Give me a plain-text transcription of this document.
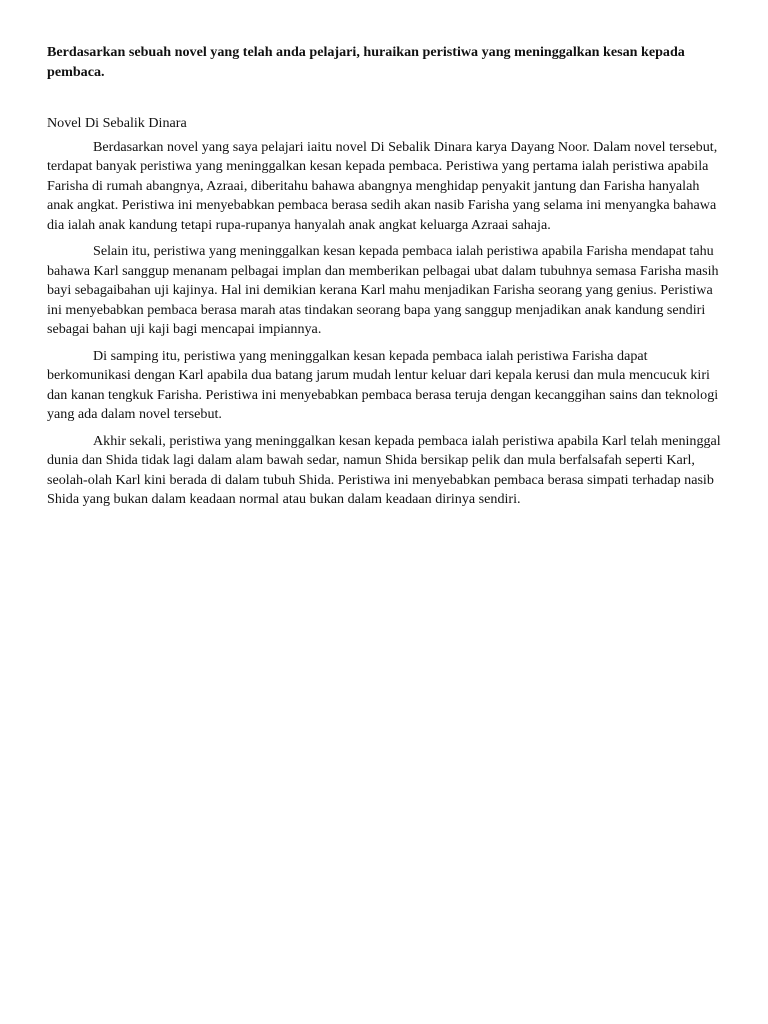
Berdasarkan sebuah novel yang telah anda pelajari, huraikan peristiwa yang meninggalkan kesan kepada pembaca.

Novel Di Sebalik Dinara

Berdasarkan novel yang saya pelajari iaitu novel Di Sebalik Dinara karya Dayang Noor. Dalam novel tersebut, terdapat banyak peristiwa yang meninggalkan kesan kepada pembaca. Peristiwa yang pertama ialah peristiwa apabila Farisha di rumah abangnya, Azraai, diberitahu bahawa abangnya menghidap penyakit jantung dan Farisha hanyalah anak angkat. Peristiwa ini menyebabkan pembaca berasa sedih akan nasib Farisha yang selama ini menyangka bahawa dia ialah anak kandung tetapi rupa-rupanya hanyalah anak angkat keluarga Azraai sahaja.

Selain itu, peristiwa yang meninggalkan kesan kepada pembaca ialah peristiwa apabila Farisha mendapat tahu bahawa Karl sanggup menanam pelbagai implan dan memberikan pelbagai ubat dalam tubuhnya semasa Farisha masih bayi sebagaibahan uji kajinya. Hal ini demikian kerana Karl mahu menjadikan Farisha seorang yang genius. Peristiwa ini menyebabkan pembaca berasa marah atas tindakan seorang bapa yang sanggup menjadikan anak kandung sendiri sebagai bahan uji kaji bagi mencapai impiannya.

Di samping itu, peristiwa yang meninggalkan kesan kepada pembaca ialah peristiwa Farisha dapat berkomunikasi dengan Karl apabila dua batang jarum mudah lentur keluar dari kepala kerusi dan mula mencucuk kiri dan kanan tengkuk Farisha. Peristiwa ini menyebabkan pembaca berasa teruja dengan kecanggihan sains dan teknologi yang ada dalam novel tersebut.

Akhir sekali, peristiwa yang meninggalkan kesan kepada pembaca ialah peristiwa apabila Karl telah meninggal dunia dan Shida tidak lagi dalam alam bawah sedar, namun Shida bersikap pelik dan mula berfalsafah seperti Karl, seolah-olah Karl kini berada di dalam tubuh Shida. Peristiwa ini menyebabkan pembaca berasa simpati terhadap nasib Shida yang bukan dalam keadaan normal atau bukan dalam keadaan dirinya sendiri.
